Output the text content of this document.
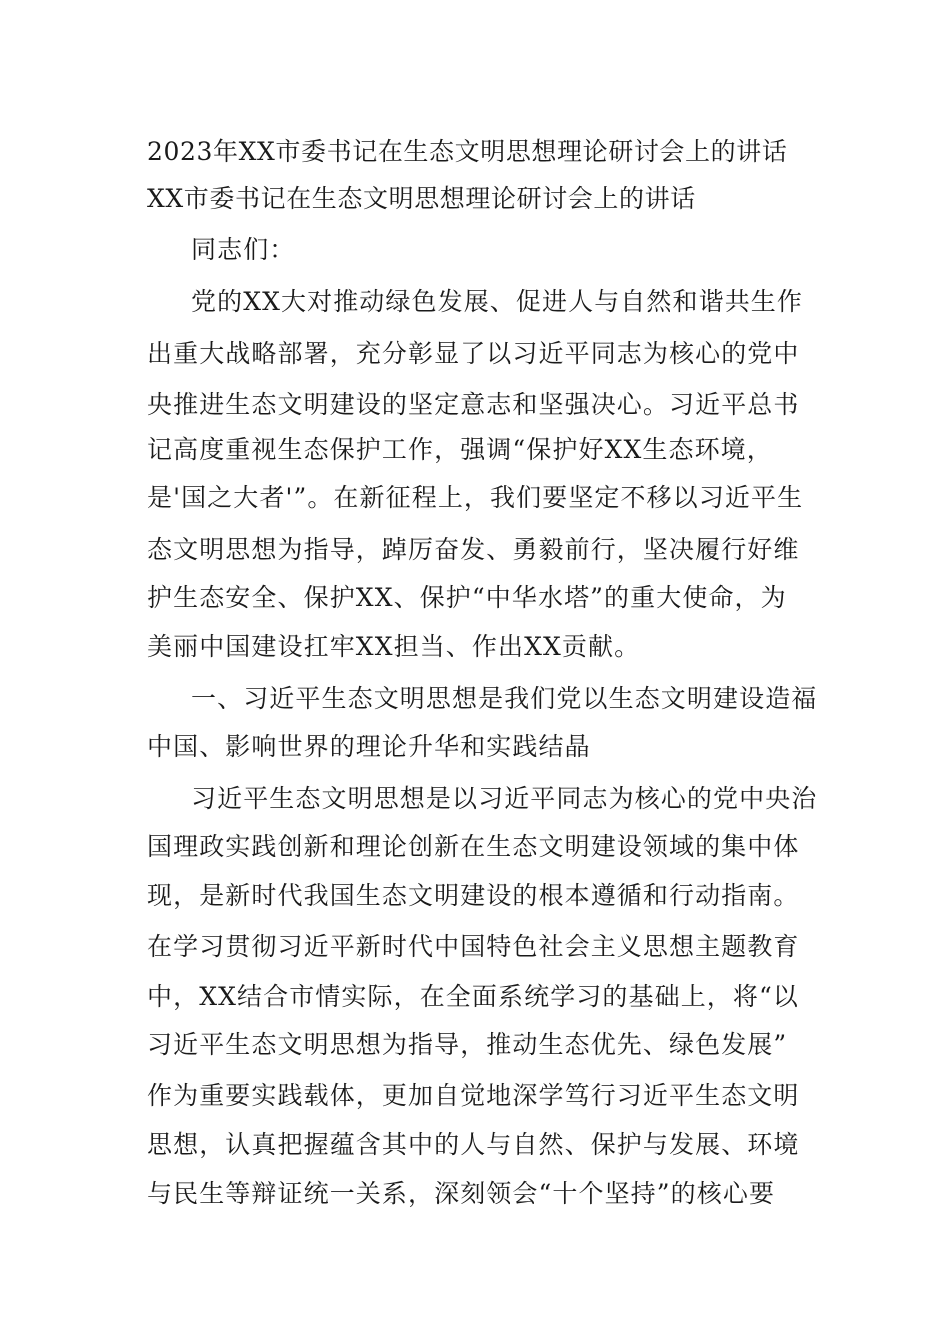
2023年XX市委书记在生态文明思想理论研讨会上的讲话
XX市委书记在生态文明思想理论研讨会上的讲话
同志们：
党的XX大对推动绿色发展、促进人与自然和谐共生作
出重大战略部署，充分彰显了以习近平同志为核心的党中
央推进生态文明建设的坚定意志和坚强决心。习近平总书
记高度重视生态保护工作，强调“保护好XX生态环境，
是'国之大者'”。在新征程上，我们要坚定不移以习近平生
态文明思想为指导，踔厉奋发、勇毅前行，坚决履行好维
护生态安全、保护XX、保护“中华水塔”的重大使命，为
美丽中国建设扛牢XX担当、作出XX贡献。
一、习近平生态文明思想是我们党以生态文明建设造福
中国、影响世界的理论升华和实践结晶
习近平生态文明思想是以习近平同志为核心的党中央治
国理政实践创新和理论创新在生态文明建设领域的集中体
现，是新时代我国生态文明建设的根本遵循和行动指南。
在学习贯彻习近平新时代中国特色社会主义思想主题教育
中，XX结合市情实际，在全面系统学习的基础上，将“以
习近平生态文明思想为指导，推动生态优先、绿色发展”
作为重要实践载体，更加自觉地深学笃行习近平生态文明
思想，认真把握蕴含其中的人与自然、保护与发展、环境
与民生等辩证统一关系，深刻领会“十个坚持”的核心要
